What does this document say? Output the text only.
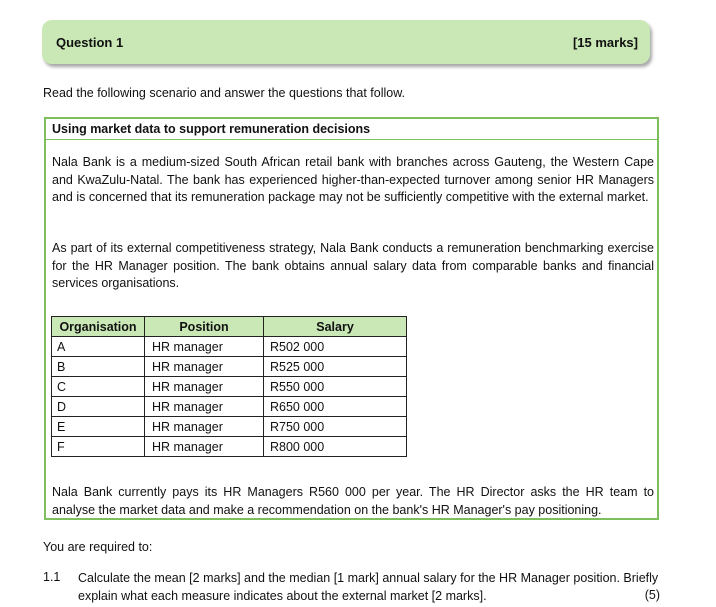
Question 1	[15 marks]
Read the following scenario and answer the questions that follow.
Using market data to support remuneration decisions

Nala Bank is a medium-sized South African retail bank with branches across Gauteng, the Western Cape and KwaZulu-Natal. The bank has experienced higher-than-expected turnover among senior HR Managers and is concerned that its remuneration package may not be sufficiently competitive with the external market.

As part of its external competitiveness strategy, Nala Bank conducts a remuneration benchmarking exercise for the HR Manager position. The bank obtains annual salary data from comparable banks and financial services organisations.

Organisation	Position	Salary
A	HR manager	R502 000
B	HR manager	R525 000
C	HR manager	R550 000
D	HR manager	R650 000
E	HR manager	R750 000
F	HR manager	R800 000

Nala Bank currently pays its HR Managers R560 000 per year. The HR Director asks the HR team to analyse the market data and make a recommendation on the bank's HR Manager's pay positioning.

You are required to:
1.1 Calculate the mean [2 marks] and the median [1 mark] annual salary for the HR Manager position. Briefly explain what each measure indicates about the external market [2 marks].	(5)
